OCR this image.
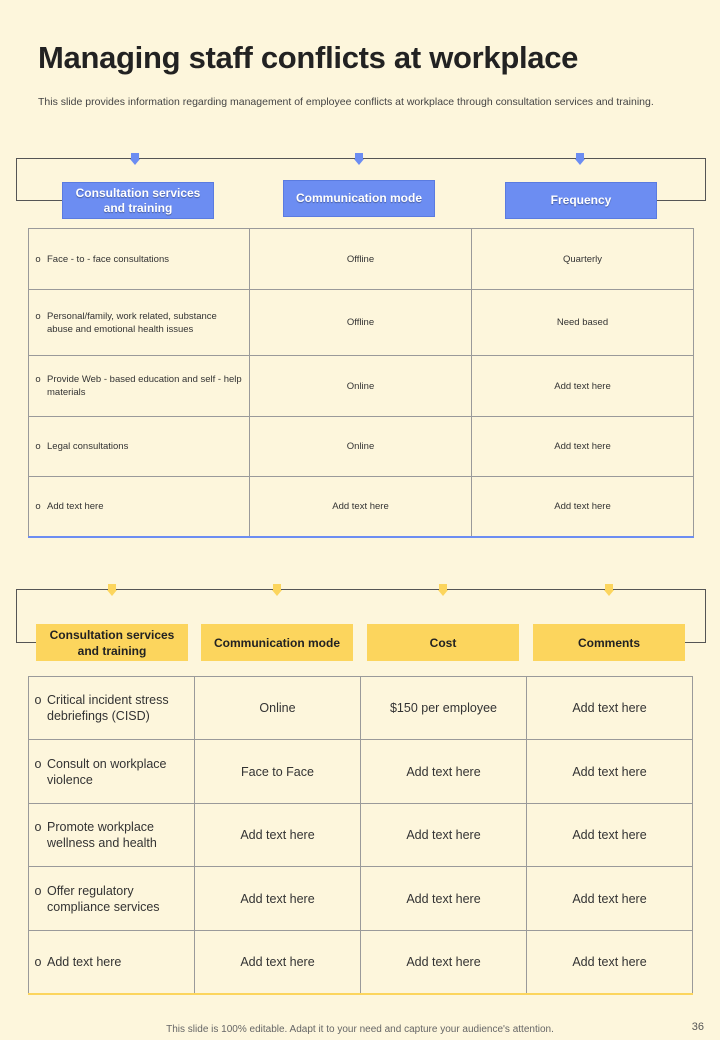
Managing staff conflicts at workplace
This slide provides information regarding management of employee conflicts at workplace through consultation services and training.
Consultation services and training
Communication mode	Frequency
o Face - to - face consultations	Offline	Quarterly

o Personal/family, work related, substance abuse and emotional health issues	Offline	Need based

o Provide Web - based education and self - help materials	Online	Add text here

o Legal consultations	Online	Add text here

o Add text here	Add text here	Add text here
Consultation services and training
Communication mode	Cost	Comments
o Critical incident stress debriefings (CISD)	Online	$150 per employee	Add text here

o Consult on workplace violence	Face to Face	Add text here	Add text here

o Promote workplace wellness and health	Add text here	Add text here	Add text here

o Offer regulatory compliance services	Add text here	Add text here	Add text here

o Add text here	Add text here	Add text here	Add text here
This slide is 100% editable. Adapt it to your need and capture your audience's attention.	36
